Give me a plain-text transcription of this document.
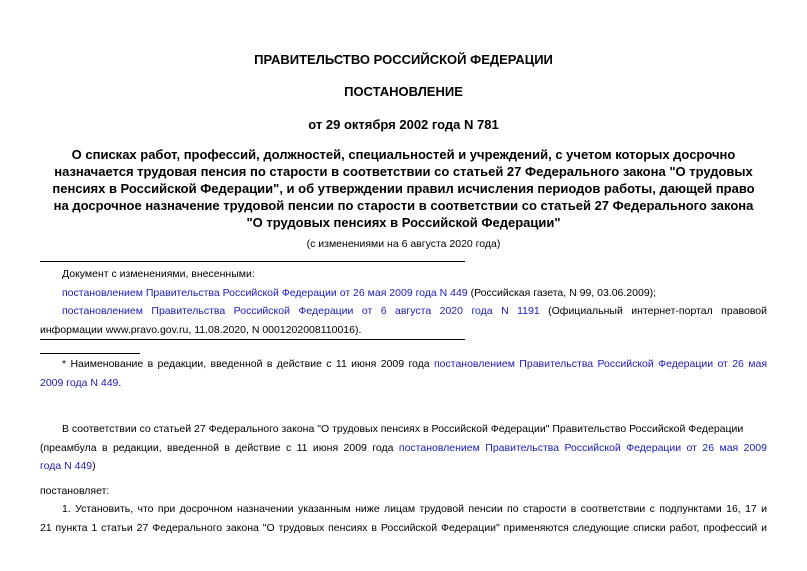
ПРАВИТЕЛЬСТВО РОССИЙСКОЙ ФЕДЕРАЦИИ
ПОСТАНОВЛЕНИЕ
от 29 октября 2002 года N 781
О списках работ, профессий, должностей, специальностей и учреждений, с учетом которых досрочно
назначается трудовая пенсия по старости в соответствии со статьей 27 Федерального закона "О трудовых
пенсиях в Российской Федерации", и об утверждении правил исчисления периодов работы, дающей право
на досрочное назначение трудовой пенсии по старости в соответствии со статьей 27 Федерального закона
"О трудовых пенсиях в Российской Федерации"
(с изменениями на 6 августа 2020 года)
Документ с изменениями, внесенными:
постановлением Правительства Российской Федерации от 26 мая 2009 года N 449 (Российская газета, N 99, 03.06.2009);
постановлением Правительства Российской Федерации от 6 августа 2020 года N 1191 (Официальный интернет-портал правовой
информации www.pravo.gov.ru, 11.08.2020, N 0001202008110016).
* Наименование в редакции, введенной в действие с 11 июня 2009 года постановлением Правительства Российской Федерации от 26 мая
2009 года N 449.
В соответствии со статьей 27 Федерального закона "О трудовых пенсиях в Российской Федерации" Правительство Российской Федерации
(преамбула в редакции, введенной в действие с 11 июня 2009 года постановлением Правительства Российской Федерации от 26 мая 2009
года N 449)
постановляет:
1. Установить, что при досрочном назначении указанным ниже лицам трудовой пенсии по старости в соответствии с подпунктами 16, 17 и
21 пункта 1 статьи 27 Федерального закона "О трудовых пенсиях в Российской Федерации" применяются следующие списки работ, профессий и
